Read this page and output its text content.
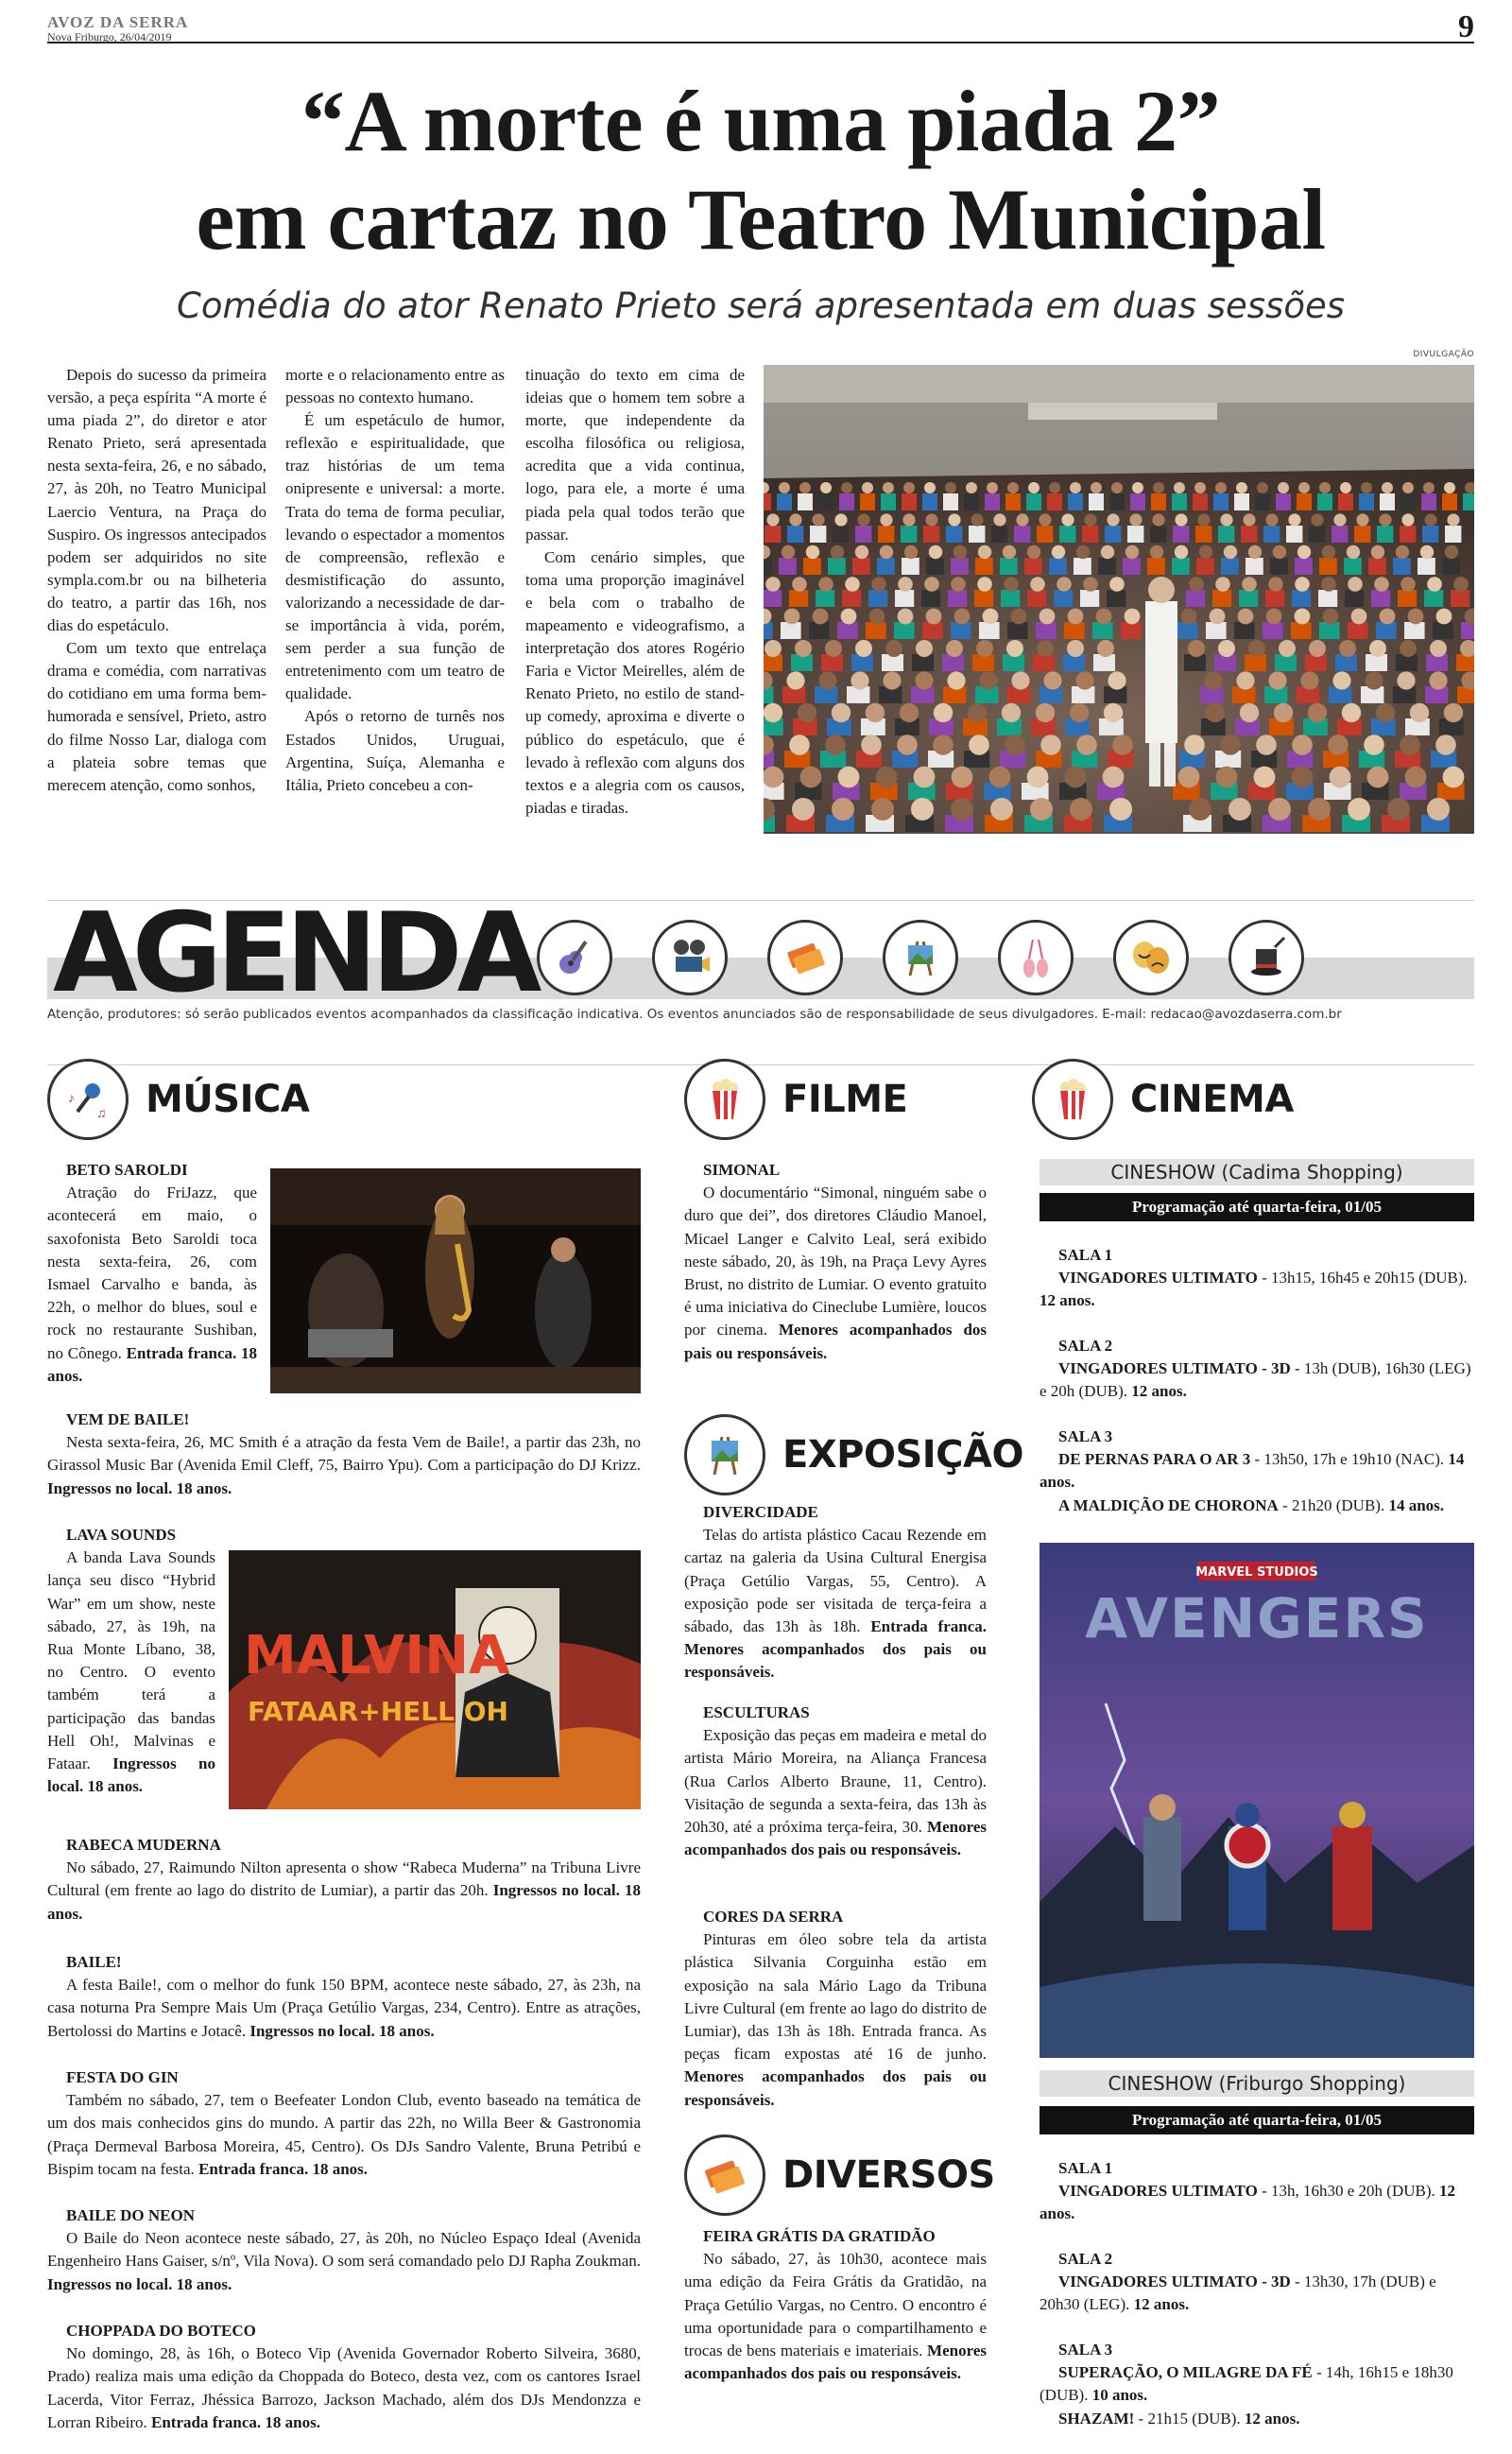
AVOZ DA SERRA
Nova Friburgo, 26/04/2019	9
“A morte é uma piada 2”
em cartaz no Teatro Municipal
Comédia do ator Renato Prieto será apresentada em duas sessões

Depois do sucesso da primeira versão, a peça espírita “A morte é uma piada 2”, do diretor e ator Renato Prieto, será apresentada nesta sexta-feira, 26, e no sábado, 27, às 20h, no Teatro Municipal Laercio Ventura, na Praça do Suspiro. Os ingressos antecipados podem ser adquiridos no site sympla.com.br ou na bilheteria do teatro, a partir das 16h, nos dias do espetáculo.

Com um texto que entrelaça drama e comédia, com narrativas do cotidiano em uma forma bem-humorada e sensível, Prieto, astro do filme Nosso Lar, dialoga com a plateia sobre temas que merecem atenção, como sonhos,

morte e o relacionamento entre as pessoas no contexto humano.

É um espetáculo de humor, reflexão e espiritualidade, que traz histórias de um tema onipresente e universal: a morte. Trata do tema de forma peculiar, levando o espectador a momentos de compreensão, reflexão e desmistificação do assunto, valorizando a necessidade de dar-se importância à vida, porém, sem perder a sua função de entretenimento com um teatro de qualidade.

Após o retorno de turnês nos Estados Unidos, Uruguai, Argentina, Suíça, Alemanha e Itália, Prieto concebeu a con-

tinuação do texto em cima de ideias que o homem tem sobre a morte, que independente da escolha filosófica ou religiosa, acredita que a vida continua, logo, para ele, a morte é uma piada pela qual todos terão que passar.

Com cenário simples, que toma uma proporção imaginável e bela com o trabalho de mapeamento e videografismo, a interpretação dos atores Rogério Faria e Victor Meirelles, além de Renato Prieto, no estilo de stand-up comedy, aproxima e diverte o público do espetáculo, que é levado à reflexão com alguns dos textos e a alegria com os causos, piadas e tiradas.

DIVULGAÇÃO
AGENDA
Atenção, produtores: só serão publicados eventos acompanhados da classificação indicativa. Os eventos anunciados são de responsabilidade de seus divulgadores. E-mail: redacao@avozdaserra.com.br
♪
♫ MÚSICA	FILME	CINEMA
EXPOSIÇÃO
DIVERSOS
BETO SAROLDI
Atração do FriJazz, que acontecerá em maio, o saxofonista Beto Saroldi toca nesta sexta-feira, 26, com Ismael Carvalho e banda, às 22h, o melhor do blues, soul e rock no restaurante Sushiban, no Cônego. Entrada franca. 18 anos.
VEM DE BAILE!
Nesta sexta-feira, 26, MC Smith é a atração da festa Vem de Baile!, a partir das 23h, no Girassol Music Bar (Avenida Emil Cleff, 75, Bairro Ypu). Com a participação do DJ Krizz. Ingressos no local. 18 anos.
LAVA SOUNDS
A banda Lava Sounds lança seu disco “Hybrid War” em um show, neste sábado, 27, às 19h, na Rua Monte Líbano, 38, no Centro. O evento também terá a participação das bandas Hell Oh!, Malvinas e Fataar. Ingressos no local. 18 anos.
MALVINA
FATAAR+HELL OH
RABECA MUDERNA
No sábado, 27, Raimundo Nilton apresenta o show “Rabeca Muderna” na Tribuna Livre Cultural (em frente ao lago do distrito de Lumiar), a partir das 20h. Ingressos no local. 18 anos.
BAILE!
A festa Baile!, com o melhor do funk 150 BPM, acontece neste sábado, 27, às 23h, na casa noturna Pra Sempre Mais Um (Praça Getúlio Vargas, 234, Centro). Entre as atrações, Bertolossi do Martins e Jotacê. Ingressos no local. 18 anos.
FESTA DO GIN
Também no sábado, 27, tem o Beefeater London Club, evento baseado na temática de um dos mais conhecidos gins do mundo. A partir das 22h, no Willa Beer & Gastronomia (Praça Dermeval Barbosa Moreira, 45, Centro). Os DJs Sandro Valente, Bruna Petribú e Bispim tocam na festa. Entrada franca. 18 anos.
BAILE DO NEON
O Baile do Neon acontece neste sábado, 27, às 20h, no Núcleo Espaço Ideal (Avenida Engenheiro Hans Gaiser, s/nº, Vila Nova). O som será comandado pelo DJ Rapha Zoukman. Ingressos no local. 18 anos.
CHOPPADA DO BOTECO
No domingo, 28, às 16h, o Boteco Vip (Avenida Governador Roberto Silveira, 3680, Prado) realiza mais uma edição da Choppada do Boteco, desta vez, com os cantores Israel Lacerda, Vitor Ferraz, Jhéssica Barrozo, Jackson Machado, além dos DJs Mendonzza e Lorran Ribeiro. Entrada franca. 18 anos.
SIMONAL
O documentário “Simonal, ninguém sabe o duro que dei”, dos diretores Cláudio Manoel, Micael Langer e Calvito Leal, será exibido neste sábado, 20, às 19h, na Praça Levy Ayres Brust, no distrito de Lumiar. O evento gratuito é uma iniciativa do Cineclube Lumière, loucos por cinema. Menores acompanhados dos pais ou responsáveis.
DIVERCIDADE
Telas do artista plástico Cacau Rezende em cartaz na galeria da Usina Cultural Energisa (Praça Getúlio Vargas, 55, Centro). A exposição pode ser visitada de terça-feira a sábado, das 13h às 18h. Entrada franca. Menores acompanhados dos pais ou responsáveis.
ESCULTURAS
Exposição das peças em madeira e metal do artista Mário Moreira, na Aliança Francesa (Rua Carlos Alberto Braune, 11, Centro). Visitação de segunda a sexta-feira, das 13h às 20h30, até a próxima terça-feira, 30. Menores acompanhados dos pais ou responsáveis.
CORES DA SERRA
Pinturas em óleo sobre tela da artista plástica Silvania Corguinha estão em exposição na sala Mário Lago da Tribuna Livre Cultural (em frente ao lago do distrito de Lumiar), das 13h às 18h. Entrada franca. As peças ficam expostas até 16 de junho. Menores acompanhados dos pais ou responsáveis.
FEIRA GRÁTIS DA GRATIDÃO
No sábado, 27, às 10h30, acontece mais uma edição da Feira Grátis da Gratidão, na Praça Getúlio Vargas, no Centro. O encontro é uma oportunidade para o compartilhamento e trocas de bens materiais e imateriais. Menores acompanhados dos pais ou responsáveis.
CINESHOW (Cadima Shopping)
Programação até quarta-feira, 01/05
SALA 1
VINGADORES ULTIMATO - 13h15, 16h45 e 20h15 (DUB). 12 anos.
SALA 2
VINGADORES ULTIMATO - 3D - 13h (DUB), 16h30 (LEG) e 20h (DUB). 12 anos.
SALA 3
DE PERNAS PARA O AR 3 - 13h50, 17h e 19h10 (NAC). 14 anos.
A MALDIÇÃO DE CHORONA - 21h20 (DUB). 14 anos.
MARVEL STUDIOS
AVENGERS
CINESHOW (Friburgo Shopping)
Programação até quarta-feira, 01/05
SALA 1
VINGADORES ULTIMATO - 13h, 16h30 e 20h (DUB). 12 anos.
SALA 2
VINGADORES ULTIMATO - 3D - 13h30, 17h (DUB) e 20h30 (LEG). 12 anos.
SALA 3
SUPERAÇÃO, O MILAGRE DA FÉ - 14h, 16h15 e 18h30 (DUB). 10 anos.
SHAZAM! - 21h15 (DUB). 12 anos.
